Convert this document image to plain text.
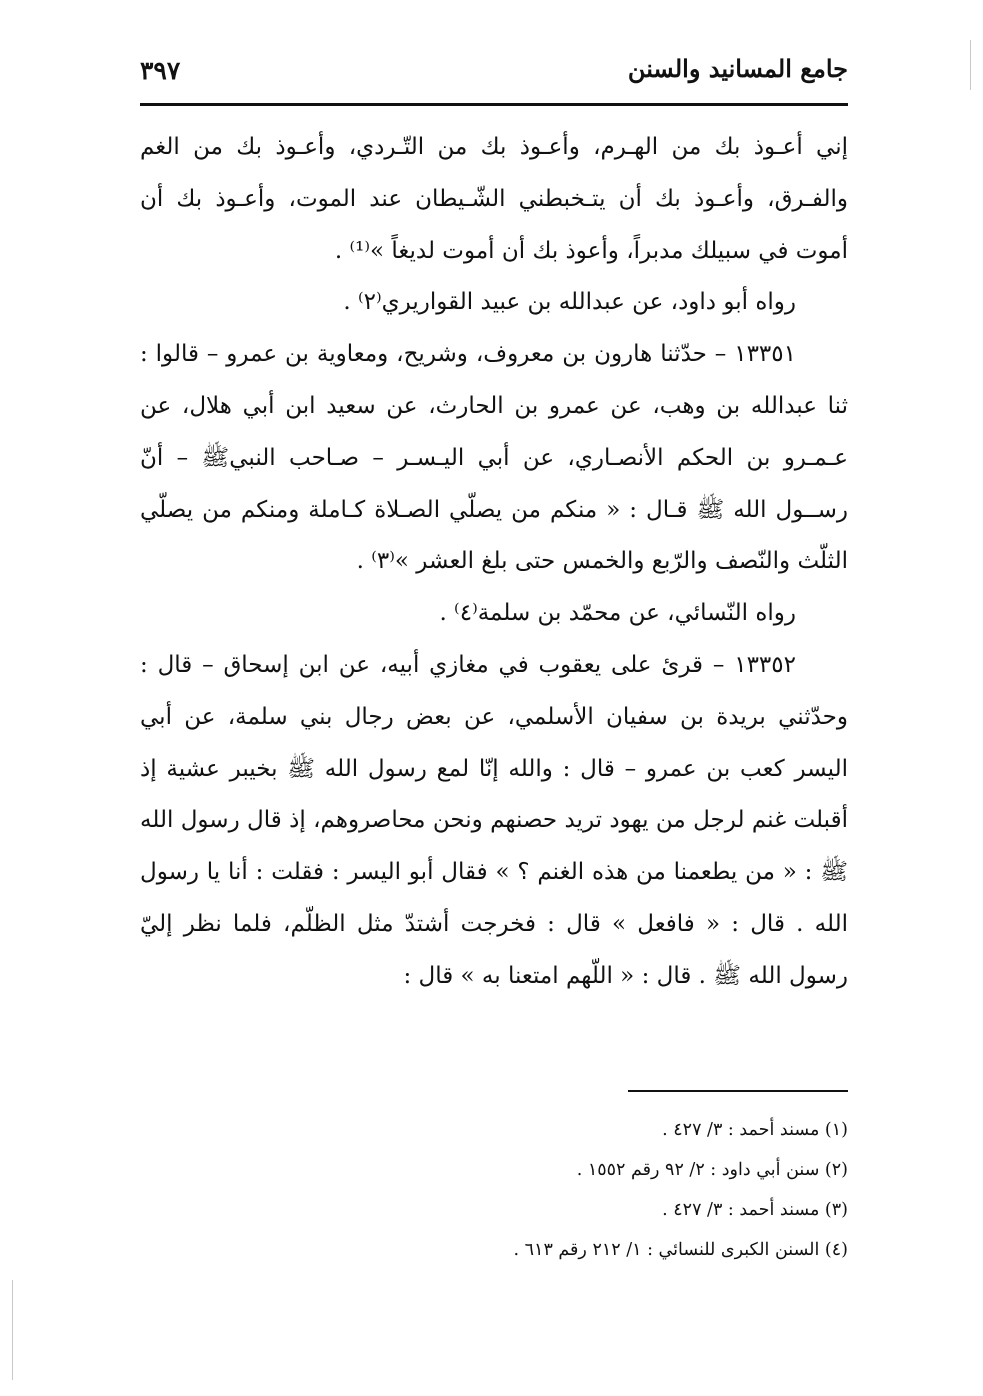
جامع المسانيد والسنن
٣٩٧

إني أعـوذ بك من الهـرم، وأعـوذ بك من التّـردي، وأعـوذ بك من الغم والفـرق، وأعـوذ بك أن يتـخبطني الشّـيطان عند الموت، وأعـوذ بك أن أموت في سبيلك مدبراً، وأعوذ بك أن أموت لديغاً »⁽¹⁾ .

رواه أبو داود، عن عبدالله بن عبيد القواريري⁽٢⁾ .

١٣٣٥١ – حدّثنا هارون بن معروف، وشريح، ومعاوية بن عمرو – قالوا : ثنا عبدالله بن وهب، عن عمرو بن الحارث، عن سعيد ابن أبي هلال، عن عـمـرو بن الحكم الأنصـاري، عن أبي اليـسـر – صـاحب النبيﷺ – أنّ رســول الله ﷺ قـال : « منكم من يصلّي الصـلاة كـاملة ومنكم من يصلّي الثلّث والنّصف والرّبع والخمس حتى بلغ العشر »⁽٣⁾ .

رواه النّسائي، عن محمّد بن سلمة⁽٤⁾ .

١٣٣٥٢ – قرئ على يعقوب في مغازي أبيه، عن ابن إسحاق – قال : وحدّثني بريدة بن سفيان الأسلمي، عن بعض رجال بني سلمة، عن أبي اليسر كعب بن عمرو – قال : والله إنّا لمع رسول الله ﷺ بخيبر عشية إذ أقبلت غنم لرجل من يهود تريد حصنهم ونحن محاصروهم، إذ قال رسول الله ﷺ : « من يطعمنا من هذه الغنم ؟ » فقال أبو اليسر : فقلت : أنا يا رسول الله . قال : « فافعل » قال : فخرجت أشتدّ مثل الظلّم، فلما نظر إليّ رسول الله ﷺ . قال : « اللّهم امتعنا به » قال :

(١) مسند أحمد : ٣/ ٤٢٧ .

(٢) سنن أبي داود : ٢/ ٩٢ رقم ١٥٥٢ .

(٣) مسند أحمد : ٣/ ٤٢٧ .

(٤) السنن الكبرى للنسائي : ١/ ٢١٢ رقم ٦١٣ .
